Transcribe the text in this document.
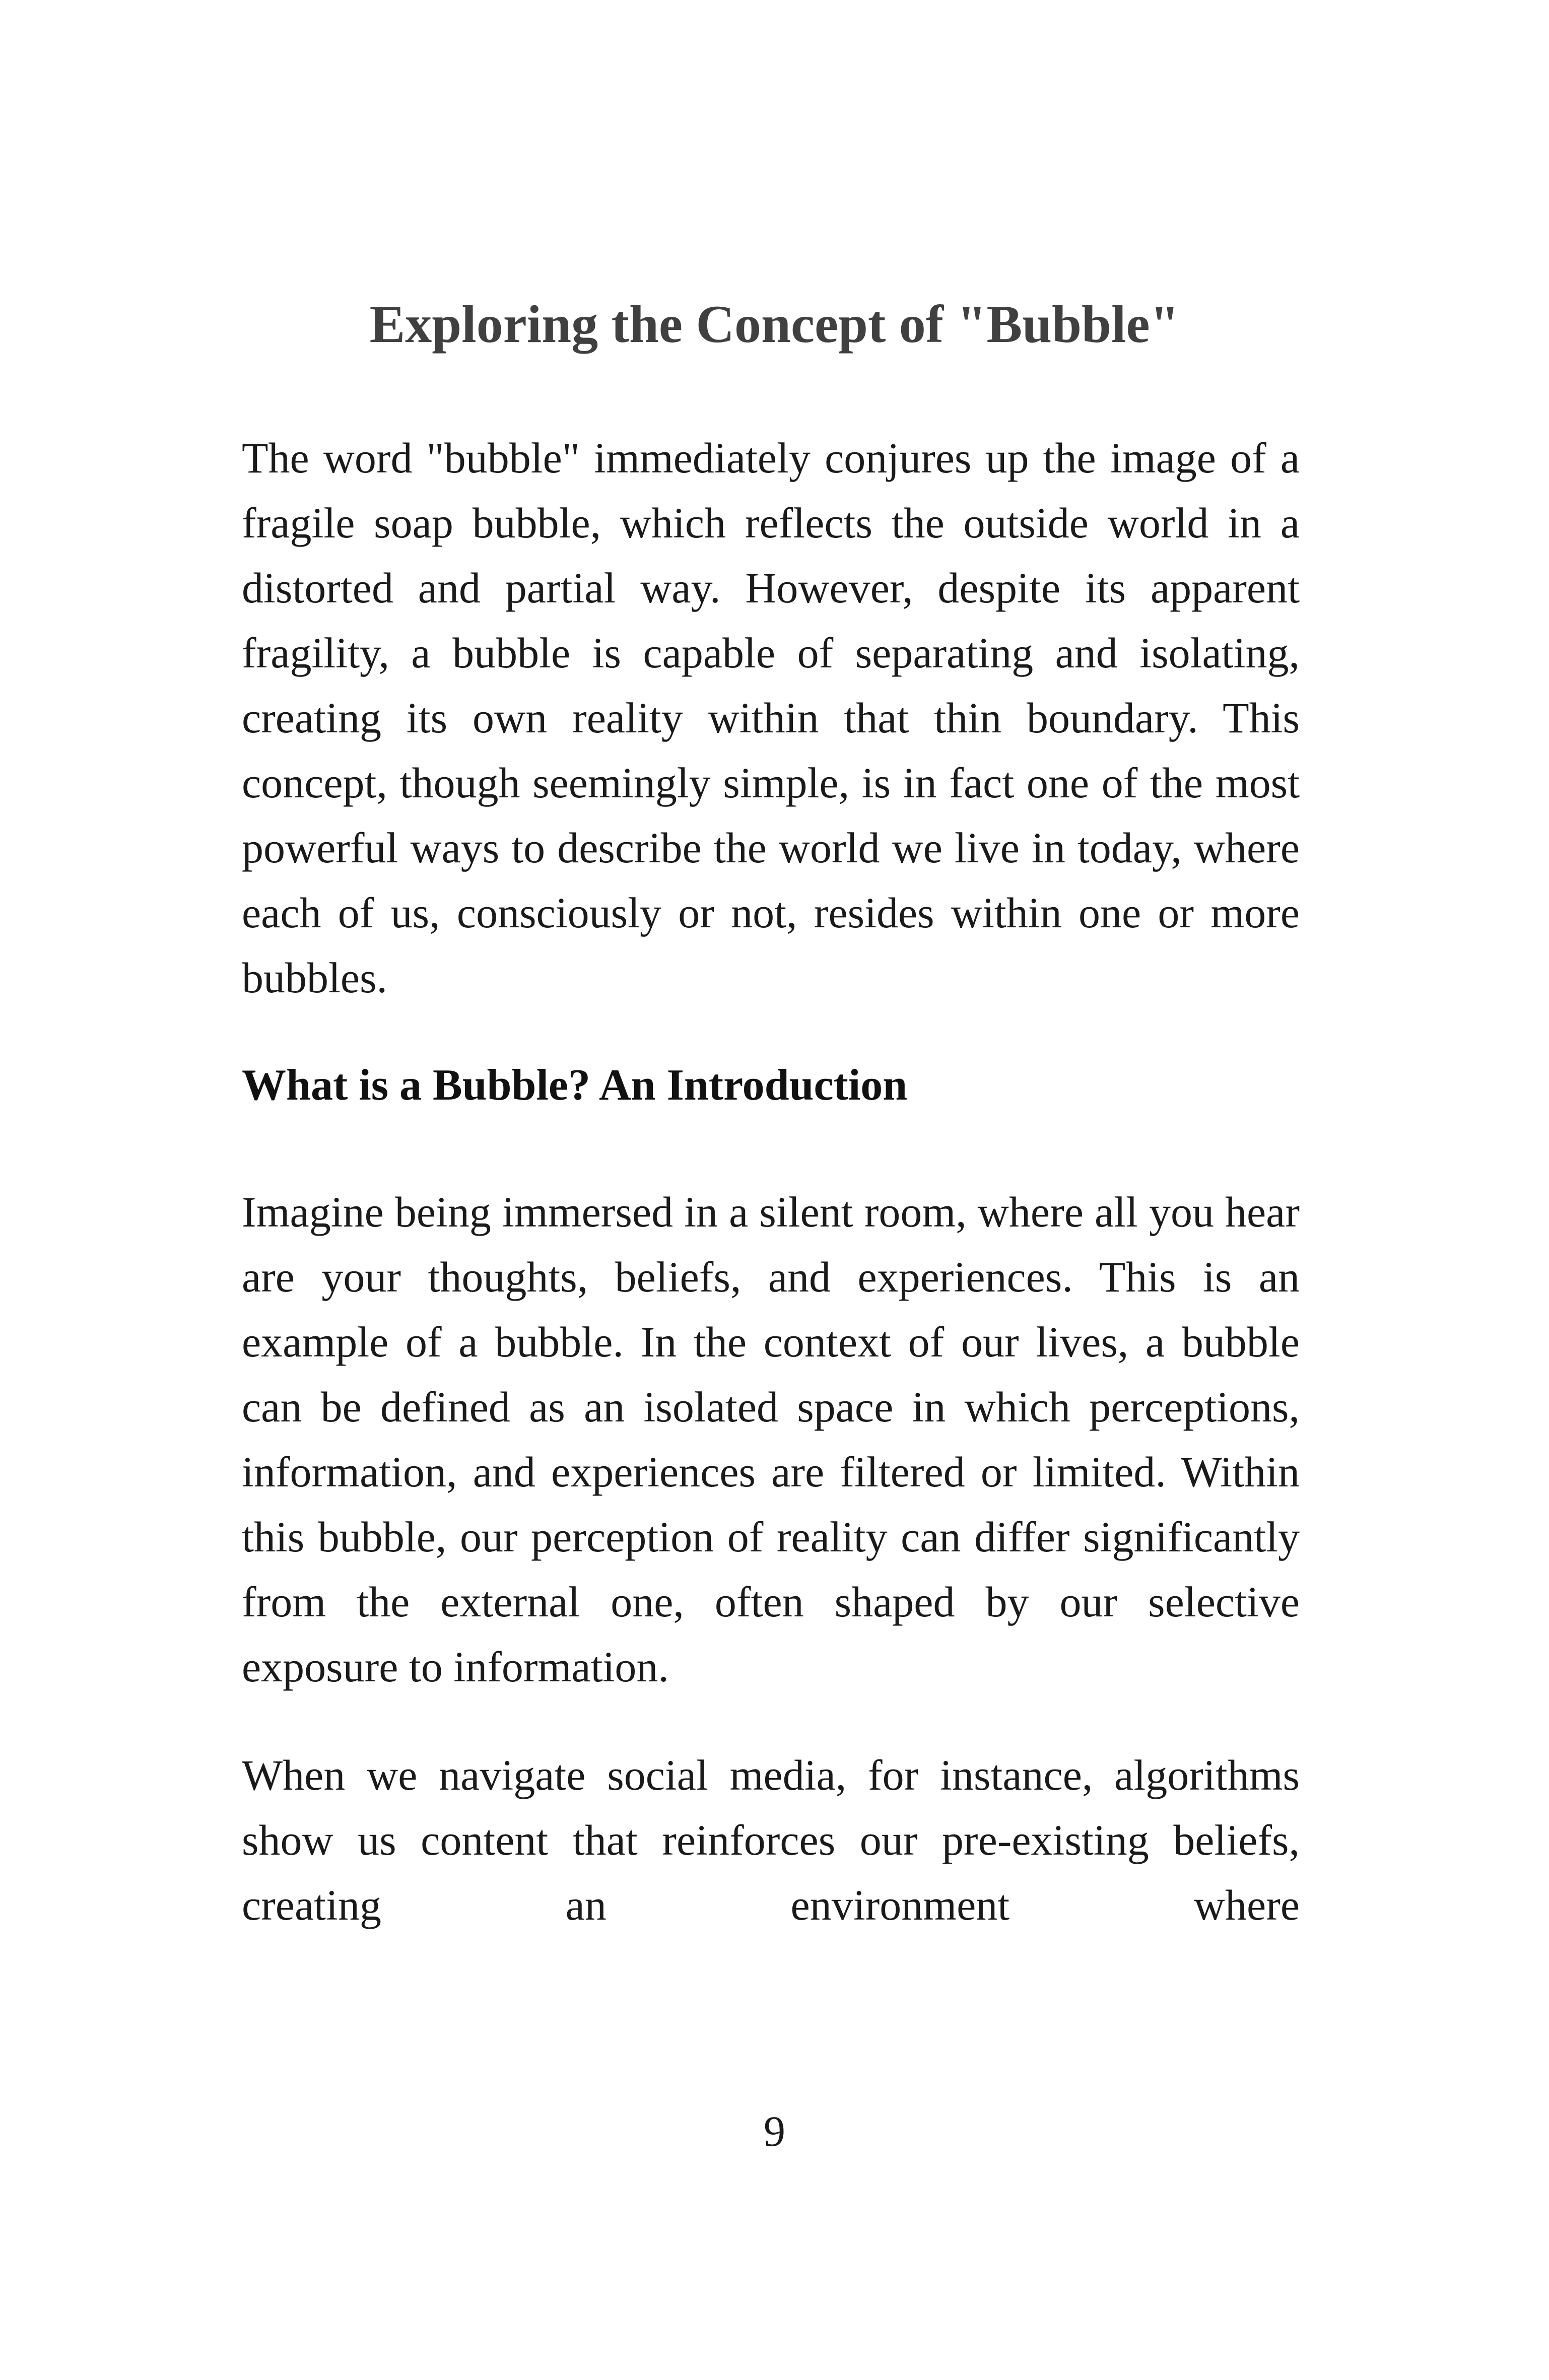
Exploring the Concept of "Bubble"

The word "bubble" immediately conjures up the image of a fragile soap bubble, which reflects the outside world in a distorted and partial way. However, despite its apparent fragility, a bubble is capable of separating and isolating, creating its own reality within that thin boundary. This concept, though seemingly simple, is in fact one of the most powerful ways to describe the world we live in today, where each of us, consciously or not, resides within one or more bubbles.

What is a Bubble? An Introduction

Imagine being immersed in a silent room, where all you hear are your thoughts, beliefs, and experiences. This is an example of a bubble. In the context of our lives, a bubble can be defined as an isolated space in which perceptions, information, and experiences are filtered or limited. Within this bubble, our perception of reality can differ significantly from the external one, often shaped by our selective exposure to information.

When we navigate social media, for instance, algorithms show us content that reinforces our pre-existing beliefs, creating an environment where

9
